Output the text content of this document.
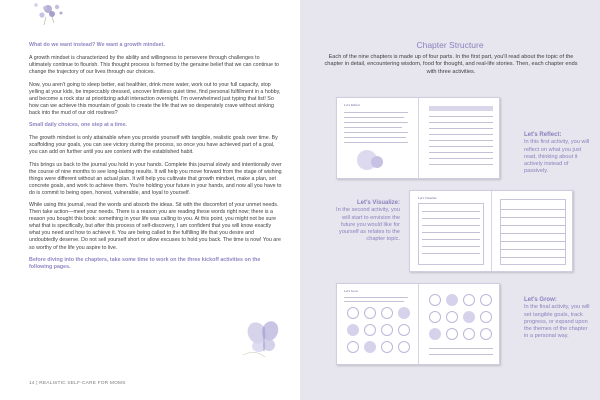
What do we want instead? We want a growth mindset.

A growth mindset is characterized by the ability and willingness to persevere through challenges to ultimately continue to flourish. This thought process is formed by the genuine belief that we can continue to change the trajectory of our lives through our choices.

Now, you aren't going to sleep better, eat healthier, drink more water, work out to your full capacity, stop yelling at your kids, be impeccably dressed, uncover limitless quiet time, find personal fulfillment in a hobby, and become a rock star at prioritizing adult interaction overnight. I'm overwhelmed just typing that list! So how can we achieve this mountain of goals to create the life that we so desperately crave without sinking back into the mud of our old routines?

Small daily choices, one step at a time.

The growth mindset is only attainable when you provide yourself with tangible, realistic goals over time. By scaffolding your goals, you can see victory during the process, so once you have achieved part of a goal, you can add on further until you are content with the established habit.

This brings us back to the journal you hold in your hands. Complete this journal slowly and intentionally over the course of nine months to see long-lasting results. It will help you move forward from the stage of wishing things were different without an actual plan. It will help you cultivate that growth mindset, make a plan, set concrete goals, and work to achieve them. You're holding your future in your hands, and now all you have to do is commit to being open, honest, vulnerable, and loyal to yourself.

While using this journal, read the words and absorb the ideas. Sit with the discomfort of your unmet needs. Then take action—meet your needs. There is a reason you are reading these words right now; there is a reason you bought this book: something in your life was calling to you. At this point, you might not be sure what that is specifically, but after this process of self-discovery, I am confident that you will know exactly what you need and how to achieve it. You are being called to the fulfilling life that you desire and undoubtedly deserve. Do not sell yourself short or allow excuses to hold you back. The time is now! You are so worthy of the life you aspire to live.

Before diving into the chapters, take some time to work on the three kickoff activities on the following pages.
14 | REALISTIC SELF-CARE FOR MOMS
Chapter Structure
Each of the nine chapters is made up of four parts. In the first part, you'll read about the topic of the chapter in detail, encountering wisdom, food for thought, and real-life stories. Then, each chapter ends with three activities.
Let's Reflect
Let's Visualize
Let's Grow
Let's Reflect:
In this first activity, you will reflect on what you just read, thinking about it actively instead of passively.
Let's Visualize:
In the second activity, you will start to envision the future you would like for yourself as relates to the chapter topic.
Let's Grow:
In the final activity, you will set tangible goals, track progress, or expand upon the themes of the chapter in a personal way.
